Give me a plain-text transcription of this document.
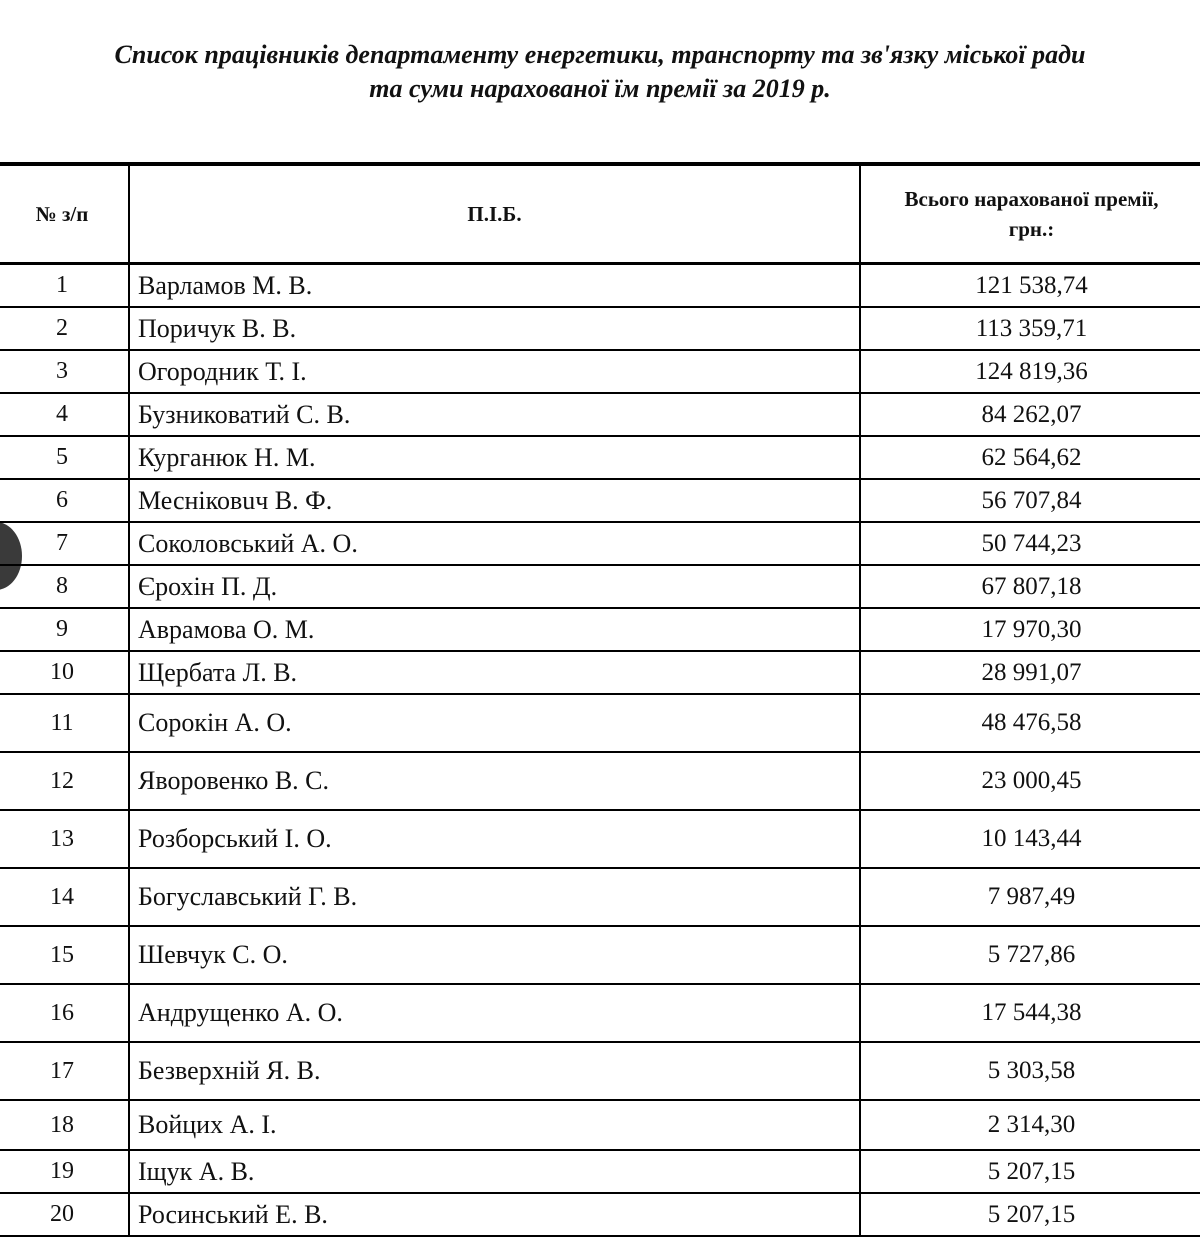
Список працівників департаменту енергетики, транспорту та зв'язку міської ради
та суми нарахованої їм премії за 2019 р.
№ з/п	П.І.Б.	Всього нарахованої премії,
грн.:

1	Варламов М. В.	121 538,74
2	Поричук В. В.	113 359,71
3	Огородник Т. І.	124 819,36
4	Бузниковатий С. В.	84 262,07
5	Курганюк Н. М.	62 564,62
6	Месніковuч В. Ф.	56 707,84
7	Соколовський А. О.	50 744,23
8	Єрохін П. Д.	67 807,18
9	Аврамова О. М.	17 970,30
10	Щербата Л. В.	28 991,07
11	Сорокін А. О.	48 476,58
12	Яворовенко В. С.	23 000,45
13	Розборський І. О.	10 143,44
14	Богуславський Г. В.	7 987,49
15	Шевчук С. О.	5 727,86
16	Андрущенко А. О.	17 544,38
17	Безверхній Я. В.	5 303,58
18	Войцих А. І.	2 314,30
19	Іщук А. В.	5 207,15
20	Росинський Е. В.	5 207,15
